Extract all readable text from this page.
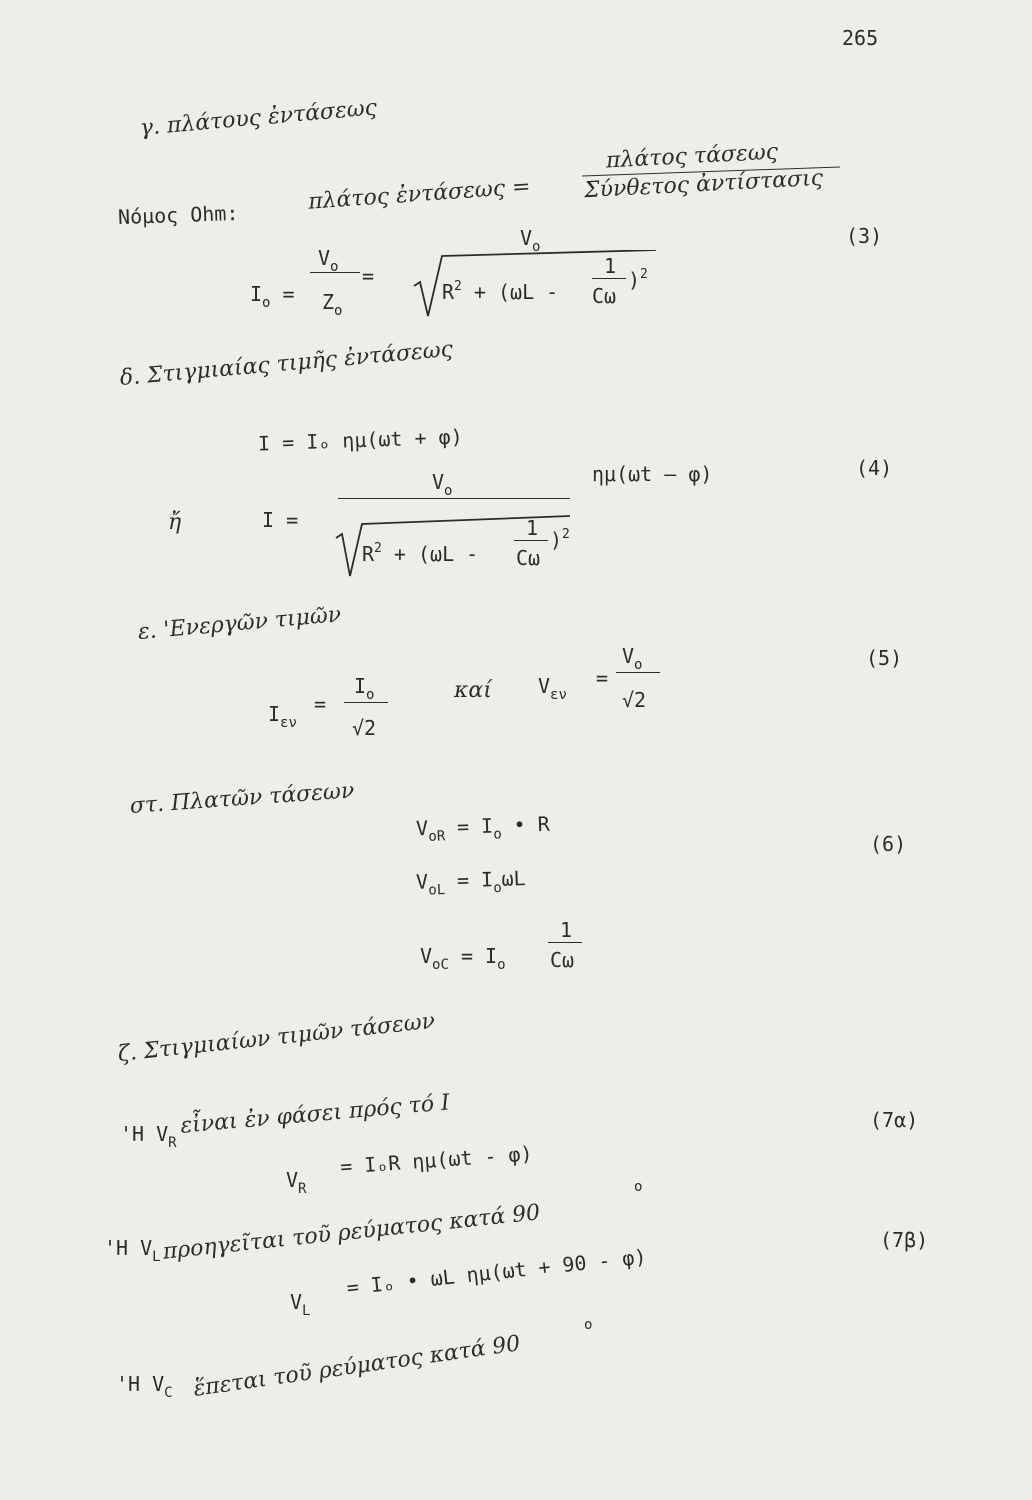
265
γ. πλάτους ἐντάσεως
Νόμος Ohm:
πλάτος ἐντάσεως =
πλάτος τάσεως
Σύνθετος ἀντίστασις
(3)
$I_o$ =
$V_o$
$Z_o$
=
$V_o$
$R^2 + (\omega L$ -
1
Cω
)$^2$
δ. Στιγμιαίας τιμῆς ἐντάσεως
I = Iₒ ημ(ωt + φ)
ἤ	I =
$V_o$
$R^2 + (\omega L$ -
1
Cω
)$^2$
ημ(ωt – φ)	(4)
ε. 'Ενεργῶν τιμῶν
$I_{\varepsilon\nu}$
=
$I_o$
√2
καί $V_{\varepsilon\nu}$
=
$V_o$
√2
(5)
στ. Πλατῶν τάσεων
$V_{oR} = I_o$ • R
$V_{oL} = I_o\omega L$
$V_{oC} = I_o$
1
Cω
(6)
ζ. Στιγμιαίων τιμῶν τάσεων
'Η $V_R$
εἶναι ἐν φάσει πρός τό I	(7α)
$V_R$
= IₒR ημ(ωt - φ)
'Η $V_L$ προηγεῖται τοῦ ρεύματος κατά 90
o
(7β)
$V_L$
= Iₒ • ωL ημ(ωt + 90 - φ)
'Η $V_C$ ἕπεται τοῦ ρεύματος κατά 90
o
